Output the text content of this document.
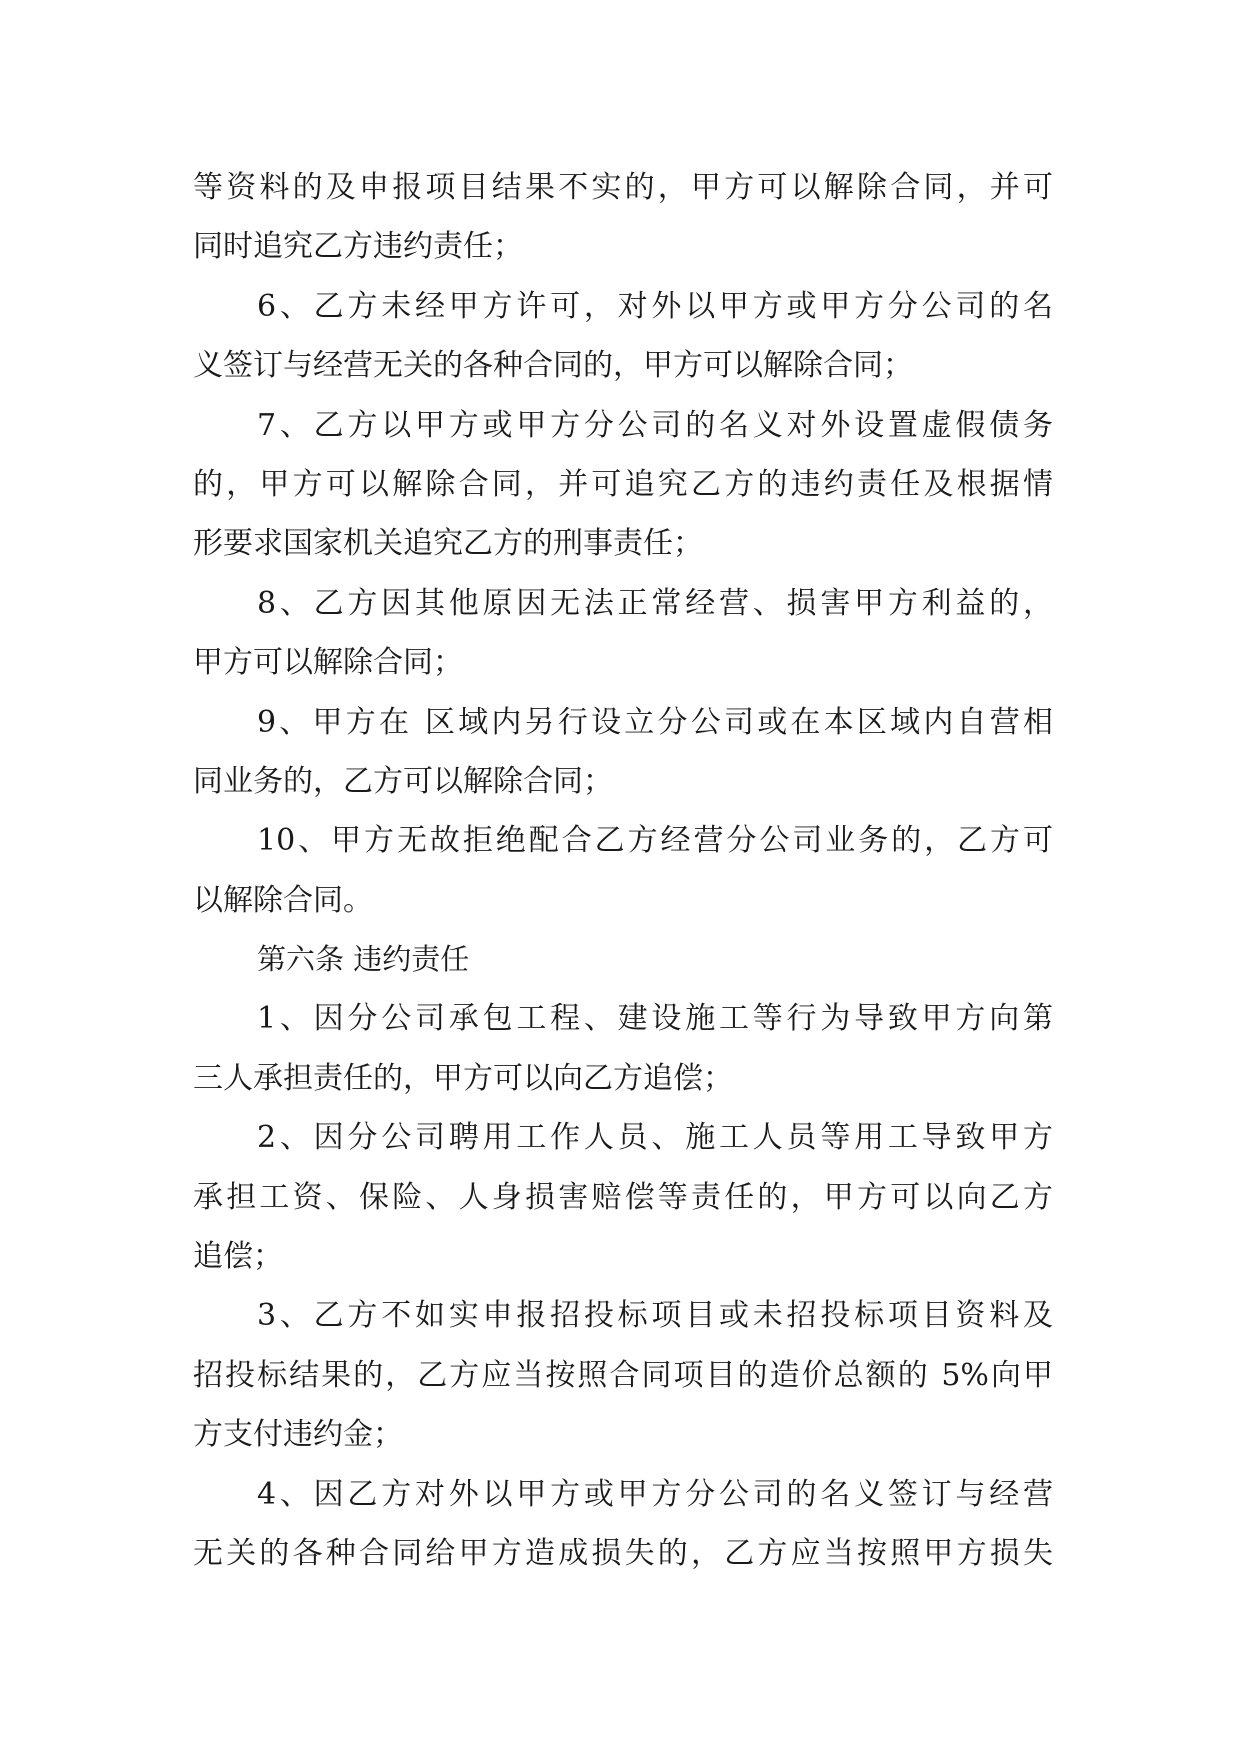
等资料的及申报项目结果不实的，甲方可以解除合同，并可
同时追究乙方违约责任；
6、乙方未经甲方许可，对外以甲方或甲方分公司的名
义签订与经营无关的各种合同的，甲方可以解除合同；
7、乙方以甲方或甲方分公司的名义对外设置虚假债务
的，甲方可以解除合同，并可追究乙方的违约责任及根据情
形要求国家机关追究乙方的刑事责任；
8、乙方因其他原因无法正常经营、损害甲方利益的，
甲方可以解除合同；
9、甲方在 区域内另行设立分公司或在本区域内自营相
同业务的，乙方可以解除合同；
10、甲方无故拒绝配合乙方经营分公司业务的，乙方可
以解除合同。
第六条 违约责任
1、因分公司承包工程、建设施工等行为导致甲方向第
三人承担责任的，甲方可以向乙方追偿；
2、因分公司聘用工作人员、施工人员等用工导致甲方
承担工资、保险、人身损害赔偿等责任的，甲方可以向乙方
追偿；
3、乙方不如实申报招投标项目或未招投标项目资料及
招投标结果的，乙方应当按照合同项目的造价总额的 5%向甲
方支付违约金；
4、因乙方对外以甲方或甲方分公司的名义签订与经营
无关的各种合同给甲方造成损失的，乙方应当按照甲方损失
